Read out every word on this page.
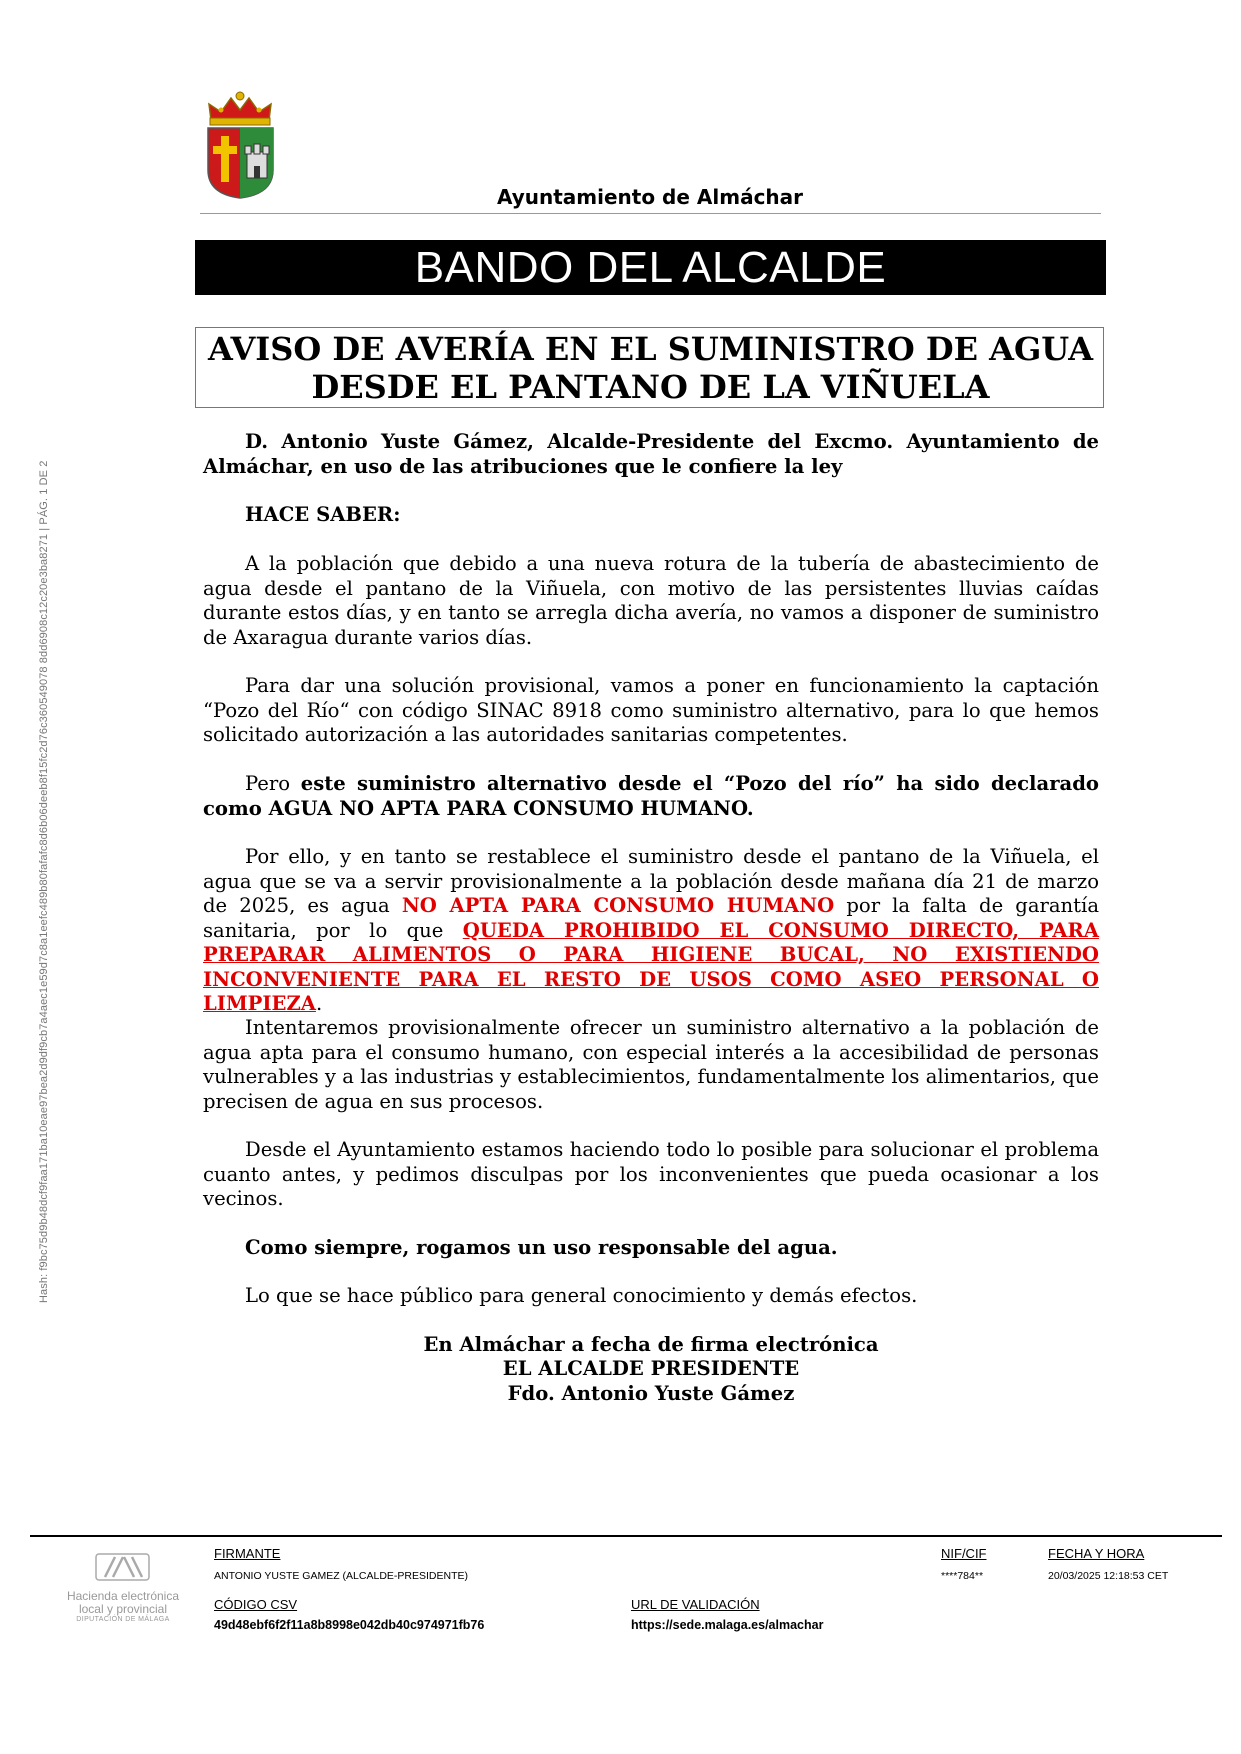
Hash: f9bc75d9b48dcf9faa171ba10eae97bea2d9df9cb7a4aec1e59d7c8a1eefc489b80fafafc8d6b06deeb8f15fc2d76c360549078 8dd6908c12c20e3ba8271 | PÁG. 1 DE 2
Ayuntamiento de Almáchar
BANDO DEL ALCALDE
AVISO DE AVERÍA EN EL SUMINISTRO DE AGUA
DESDE EL PANTANO DE LA VIÑUELA
D. Antonio Yuste Gámez, Alcalde-Presidente del Excmo. Ayuntamiento de Almáchar, en uso de las atribuciones que le confiere la ley
HACE SABER:
A la población que debido a una nueva rotura de la tubería de abastecimiento de agua desde el pantano de la Viñuela, con motivo de las persistentes lluvias caídas durante estos días, y en tanto se arregla dicha avería, no vamos a disponer de suministro de Axaragua durante varios días.
Para dar una solución provisional, vamos a poner en funcionamiento la captación “Pozo del Río“ con código SINAC 8918 como suministro alternativo, para lo que hemos solicitado autorización a las autoridades sanitarias competentes.
Pero este suministro alternativo desde el “Pozo del río” ha sido declarado como AGUA NO APTA PARA CONSUMO HUMANO.
Por ello, y en tanto se restablece el suministro desde el pantano de la Viñuela, el agua que se va a servir provisionalmente a la población desde mañana día 21 de marzo de 2025, es agua NO APTA PARA CONSUMO HUMANO por la falta de garantía sanitaria, por lo que QUEDA PROHIBIDO EL CONSUMO DIRECTO, PARA PREPARAR ALIMENTOS O PARA HIGIENE BUCAL, NO EXISTIENDO INCONVENIENTE PARA EL RESTO DE USOS COMO ASEO PERSONAL O LIMPIEZA.
Intentaremos provisionalmente ofrecer un suministro alternativo a la población de agua apta para el consumo humano, con especial interés a la accesibilidad de personas vulnerables y a las industrias y establecimientos, fundamentalmente los alimentarios, que precisen de agua en sus procesos.
Desde el Ayuntamiento estamos haciendo todo lo posible para solucionar el problema cuanto antes, y pedimos disculpas por los inconvenientes que pueda ocasionar a los vecinos.
Como siempre, rogamos un uso responsable del agua.
Lo que se hace público para general conocimiento y demás efectos.
En Almáchar a fecha de firma electrónica
EL ALCALDE PRESIDENTE
Fdo. Antonio Yuste Gámez
Hacienda electrónica
local y provincial
DIPUTACIÓN DE MÁLAGA
FIRMANTE
ANTONIO YUSTE GAMEZ (ALCALDE-PRESIDENTE)
NIF/CIF
****784**
FECHA Y HORA
20/03/2025 12:18:53 CET
CÓDIGO CSV
49d48ebf6f2f11a8b8998e042db40c974971fb76
URL DE VALIDACIÓN
https://sede.malaga.es/almachar
